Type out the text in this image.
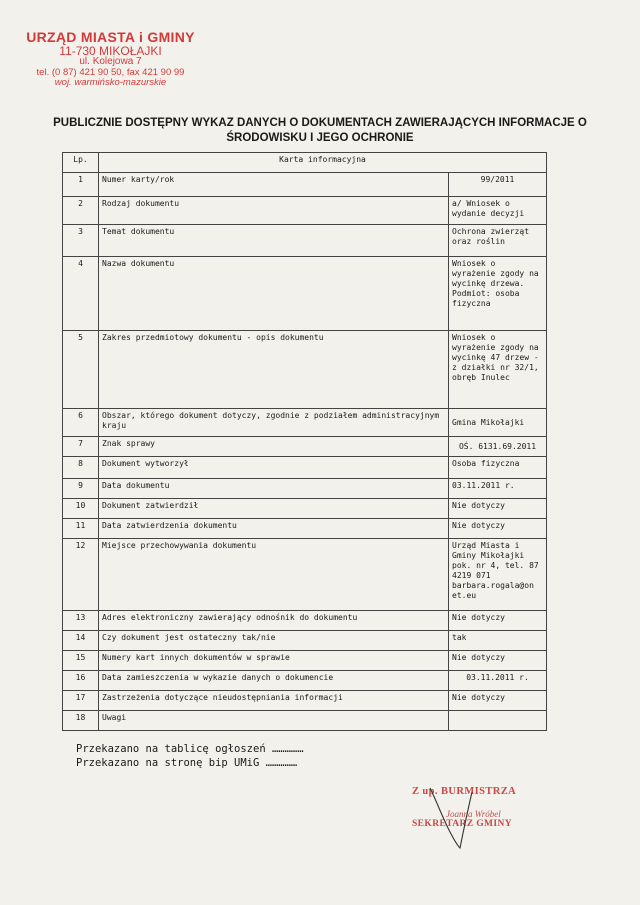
URZĄD MIASTA i GMINY
11-730 MIKOŁAJKI
ul. Kolejowa 7
tel. (0 87) 421 90 50, fax 421 90 99
woj. warmińsko-mazurskie
PUBLICZNIE DOSTĘPNY WYKAZ DANYCH O DOKUMENTACH ZAWIERAJĄCYCH INFORMACJE O
ŚRODOWISKU I JEGO OCHRONIE
Lp.	Karta informacyjna	
1	Numer karty/rok	99/2011
2	Rodzaj dokumentu	a/ Wniosek o wydanie decyzji
3	Temat dokumentu	Ochrona zwierząt oraz roślin
4	Nazwa dokumentu	Wniosek o wyrażenie zgody na wycinkę drzewa. Podmiot: osoba fizyczna
5	Zakres przedmiotowy dokumentu - opis dokumentu	Wniosek o wyrażenie zgody na wycinkę 47 drzew - z działki nr 32/1, obręb Inulec
6	Obszar, którego dokument dotyczy, zgodnie z podziałem administracyjnym kraju	Gmina Mikołajki
7	Znak sprawy	OŚ. 6131.69.2011
8	Dokument wytworzył	Osoba fizyczna
9	Data dokumentu	03.11.2011 r.
10	Dokument zatwierdził	Nie dotyczy
11	Data zatwierdzenia dokumentu	Nie dotyczy
12	Miejsce przechowywania dokumentu	Urząd Miasta i Gminy Mikołajki pok. nr 4, tel. 87 4219 071 barbara.rogala@on et.eu
13	Adres elektroniczny zawierający odnośnik do dokumentu	Nie dotyczy
14	Czy dokument jest ostateczny tak/nie	tak
15	Numery kart innych dokumentów w sprawie	Nie dotyczy
16	Data zamieszczenia w wykazie danych o dokumencie	03.11.2011 r.
17	Zastrzeżenia dotyczące nieudostępniania informacji	Nie dotyczy
18	Uwagi	
Przekazano na tablicę ogłoszeń ……………
Przekazano na stronę bip UMiG ……………
Z up. BURMISTRZA
Joanna Wróbel
SEKRETARZ GMINY
